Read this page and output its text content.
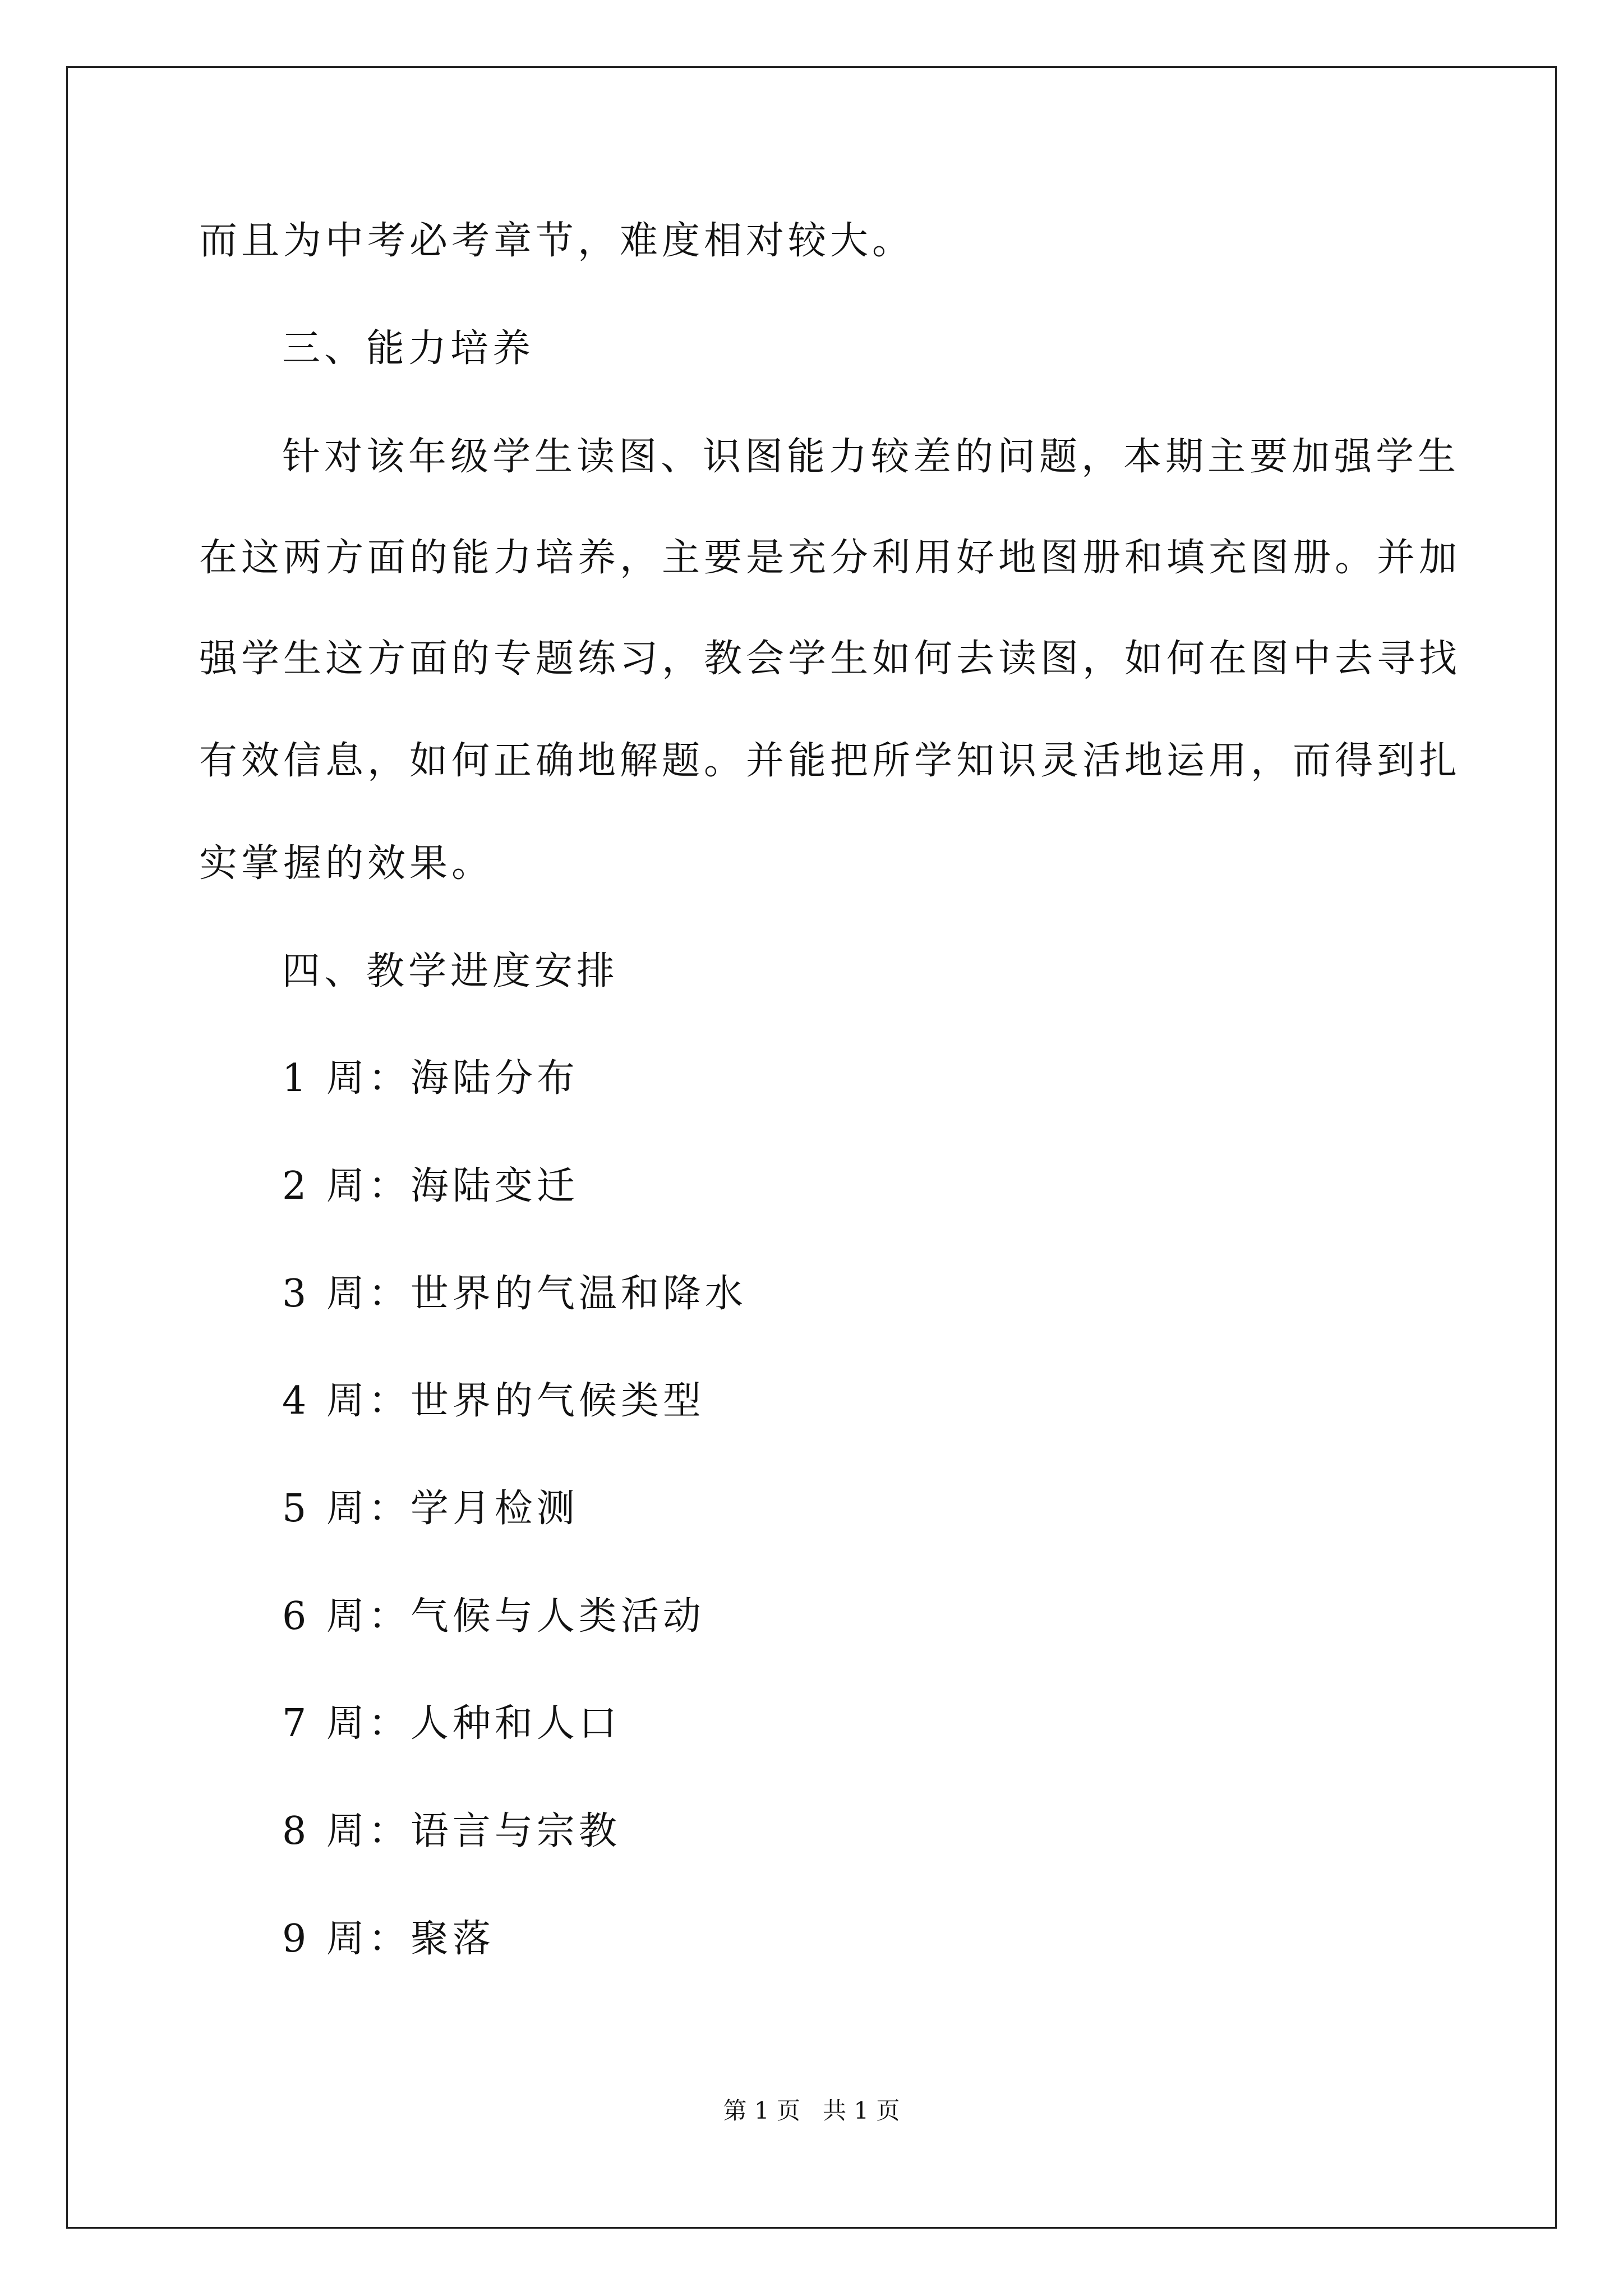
而且为中考必考章节，难度相对较大。
三、能力培养
针对该年级学生读图、识图能力较差的问题，本期主要加强学生
在这两方面的能力培养，主要是充分利用好地图册和填充图册。并加
强学生这方面的专题练习，教会学生如何去读图，如何在图中去寻找
有效信息，如何正确地解题。并能把所学知识灵活地运用，而得到扎
实掌握的效果。
四、教学进度安排
1 周：海陆分布
2 周：海陆变迁
3 周：世界的气温和降水
4 周：世界的气候类型
5 周：学月检测
6 周：气候与人类活动
7 周：人种和人口
8 周：语言与宗教
9 周：聚落
第 1 页   共 1 页
